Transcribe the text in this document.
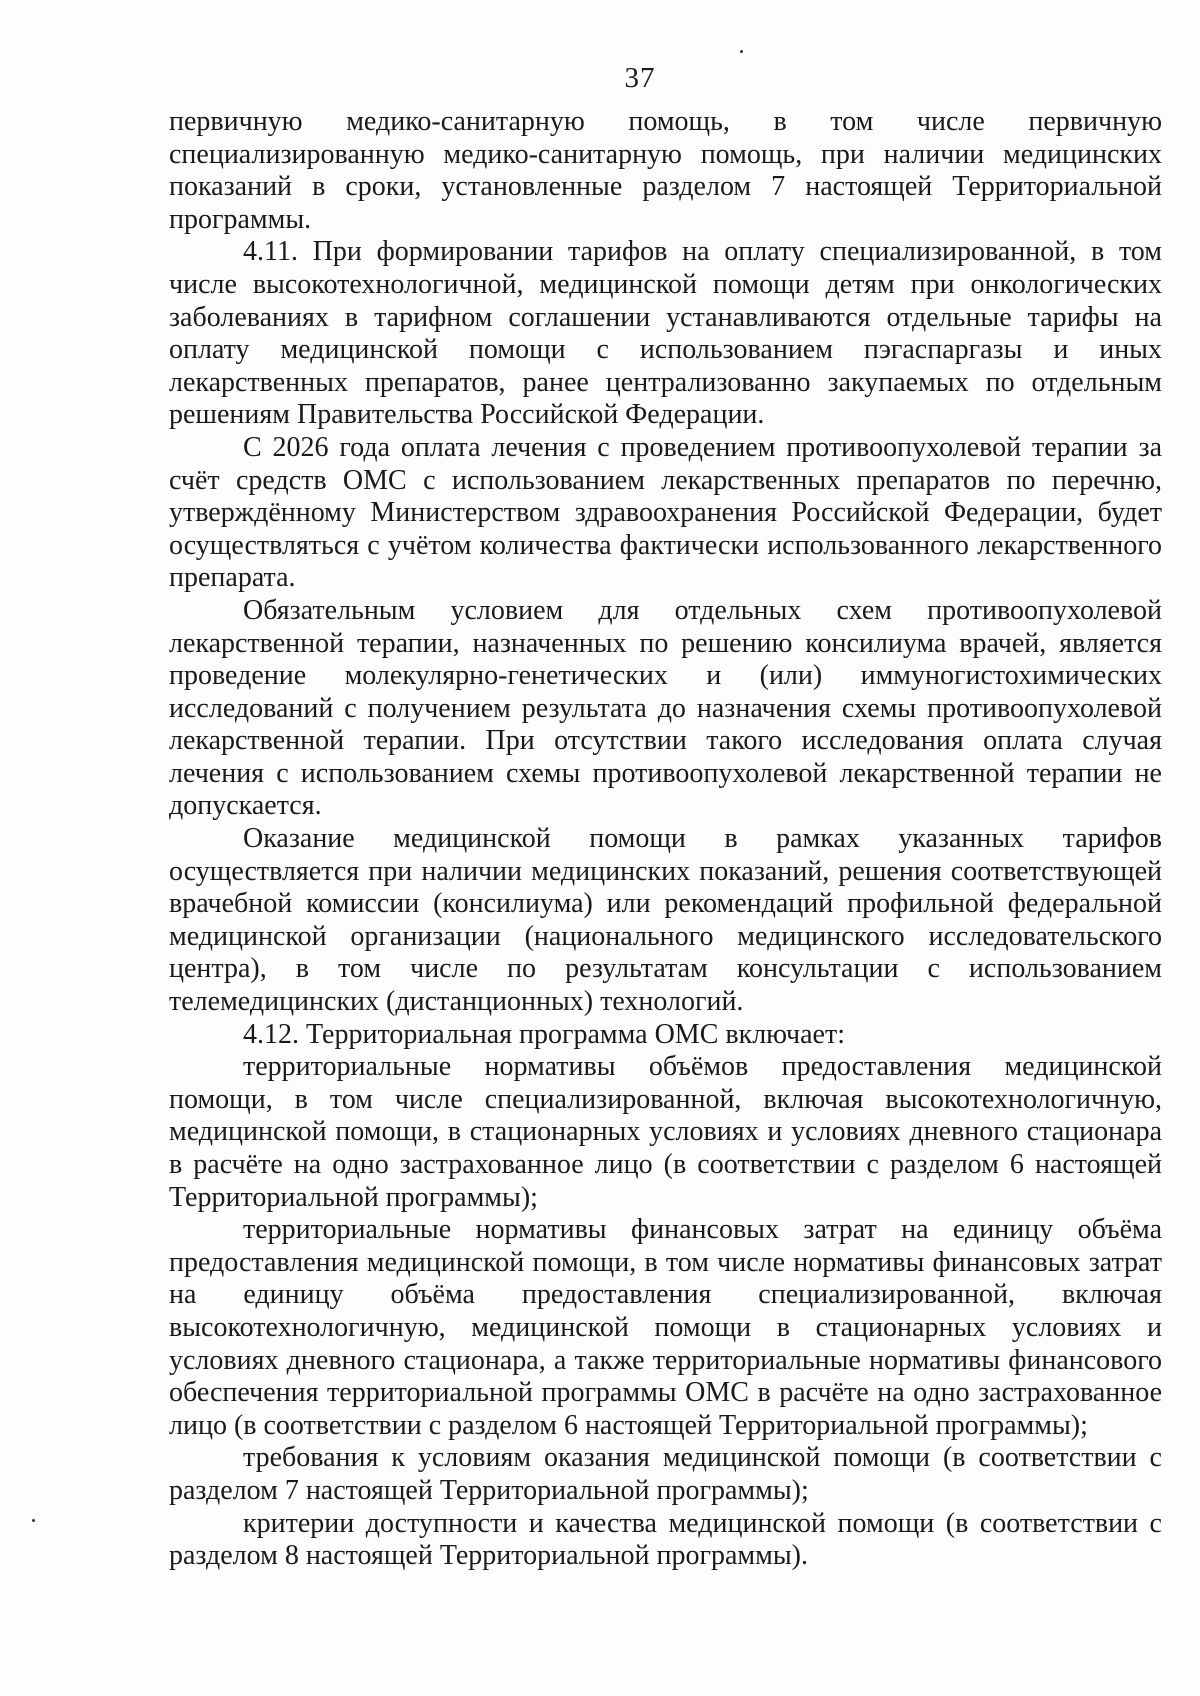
37

первичную медико-санитарную помощь, в том числе первичную специализированную медико-санитарную помощь, при наличии медицинских показаний в сроки, установленные разделом 7 настоящей Территориальной программы.

4.11. При формировании тарифов на оплату специализированной, в том числе высокотехнологичной, медицинской помощи детям при онкологических заболеваниях в тарифном соглашении устанавливаются отдельные тарифы на оплату медицинской помощи с использованием пэгаспаргазы и иных лекарственных препаратов, ранее централизованно закупаемых по отдельным решениям Правительства Российской Федерации.

С 2026 года оплата лечения с проведением противоопухолевой терапии за счёт средств ОМС с использованием лекарственных препаратов по перечню, утверждённому Министерством здравоохранения Российской Федерации, будет осуществляться с учётом количества фактически использованного лекарственного препарата.

Обязательным условием для отдельных схем противоопухолевой лекарственной терапии, назначенных по решению консилиума врачей, является проведение молекулярно-генетических и (или) иммуногистохимических исследований с получением результата до назначения схемы противоопухолевой лекарственной терапии. При отсутствии такого исследования оплата случая лечения с использованием схемы противоопухолевой лекарственной терапии не допускается.

Оказание медицинской помощи в рамках указанных тарифов осуществляется при наличии медицинских показаний, решения соответствующей врачебной комиссии (консилиума) или рекомендаций профильной федеральной медицинской организации (национального медицинского исследовательского центра), в том числе по результатам консультации с использованием телемедицинских (дистанционных) технологий.

4.12. Территориальная программа ОМС включает:

территориальные нормативы объёмов предоставления медицинской помощи, в том числе специализированной, включая высокотехнологичную, медицинской помощи, в стационарных условиях и условиях дневного стационара в расчёте на одно застрахованное лицо (в соответствии с разделом 6 настоящей Территориальной программы);

территориальные нормативы финансовых затрат на единицу объёма предоставления медицинской помощи, в том числе нормативы финансовых затрат на единицу объёма предоставления специализированной, включая высокотехнологичную, медицинской помощи в стационарных условиях и условиях дневного стационара, а также территориальные нормативы финансового обеспечения территориальной программы ОМС в расчёте на одно застрахованное лицо (в соответствии с разделом 6 настоящей Территориальной программы);

требования к условиям оказания медицинской помощи (в соответствии с разделом 7 настоящей Территориальной программы);

критерии доступности и качества медицинской помощи (в соответствии с разделом 8 настоящей Территориальной программы).
